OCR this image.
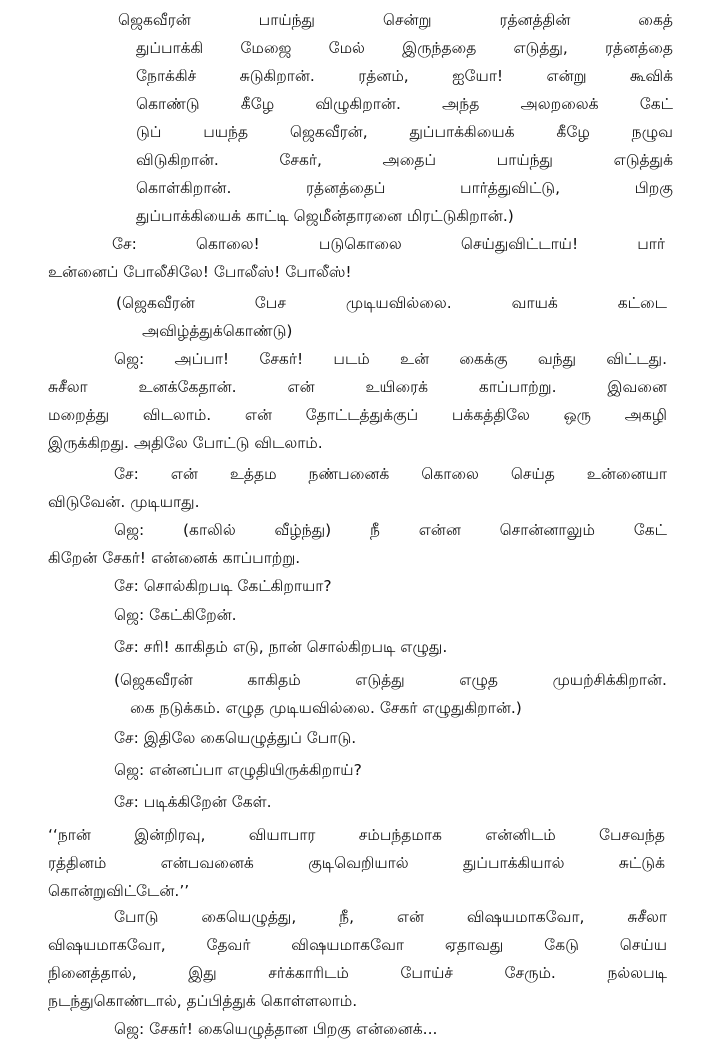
ஜெகவீரன் பாய்ந்து சென்று ரத்னத்தின் கைத்
துப்பாக்கி மேஜை மேல் இருந்ததை எடுத்து, ரத்னத்தை
நோக்கிச் சுடுகிறான். ரத்னம், ஐயோ! என்று கூவிக்
கொண்டு கீழே விழுகிறான். அந்த அலறலைக் கேட்
டுப் பயந்த ஜெகவீரன், துப்பாக்கியைக் கீழே நழுவ
விடுகிறான். சேகர், அதைப் பாய்ந்து எடுத்துக்
கொள்கிறான். ரத்னத்தைப் பார்த்துவிட்டு, பிறகு
துப்பாக்கியைக் காட்டி ஜெமீன்தாரனை மிரட்டுகிறான்.)
சே: கொலை! படுகொலை செய்துவிட்டாய்! பார்
உன்னைப் போலீசிலே! போலீஸ்! போலீஸ்!
(ஜெகவீரன் பேச முடியவில்லை. வாயக் கட்டை
அவிழ்த்துக்கொண்டு)
ஜெ: அப்பா! சேகர்! படம் உன் கைக்கு வந்து விட்டது.
சுசீலா உனக்கேதான். என் உயிரைக் காப்பாற்று. இவனை
மறைத்து விடலாம். என் தோட்டத்துக்குப் பக்கத்திலே ஒரு அகழி
இருக்கிறது. அதிலே போட்டு விடலாம்.
சே: என் உத்தம நண்பனைக் கொலை செய்த உன்னையா
விடுவேன். முடியாது.
ஜெ: (காலில் வீழ்ந்து) நீ என்ன சொன்னாலும் கேட்
கிறேன் சேகர்! என்னைக் காப்பாற்று.
சே: சொல்கிறபடி கேட்கிறாயா?
ஜெ: கேட்கிறேன்.
சே: சரி! காகிதம் எடு, நான் சொல்கிறபடி எழுது.
(ஜெகவீரன் காகிதம் எடுத்து எழுத முயற்சிக்கிறான்.
கை நடுக்கம். எழுத முடியவில்லை. சேகர் எழுதுகிறான்.)
சே: இதிலே கையெழுத்துப் போடு.
ஜெ: என்னப்பா எழுதியிருக்கிறாய்?
சே: படிக்கிறேன் கேள்.
‘‘நான் இன்றிரவு, வியாபார சம்பந்தமாக என்னிடம் பேசவந்த
ரத்தினம் என்பவனைக் குடிவெறியால் துப்பாக்கியால் சுட்டுக்
கொன்றுவிட்டேன்.’’
போடு கையெழுத்து, நீ, என் விஷயமாகவோ, சுசீலா
விஷயமாகவோ, தேவர் விஷயமாகவோ ஏதாவது கேடு செய்ய
நினைத்தால், இது சர்க்காரிடம் போய்ச் சேரும். நல்லபடி
நடந்துகொண்டால், தப்பித்துக் கொள்ளலாம்.
ஜெ: சேகர்! கையெழுத்தான பிறகு என்னைக்...
